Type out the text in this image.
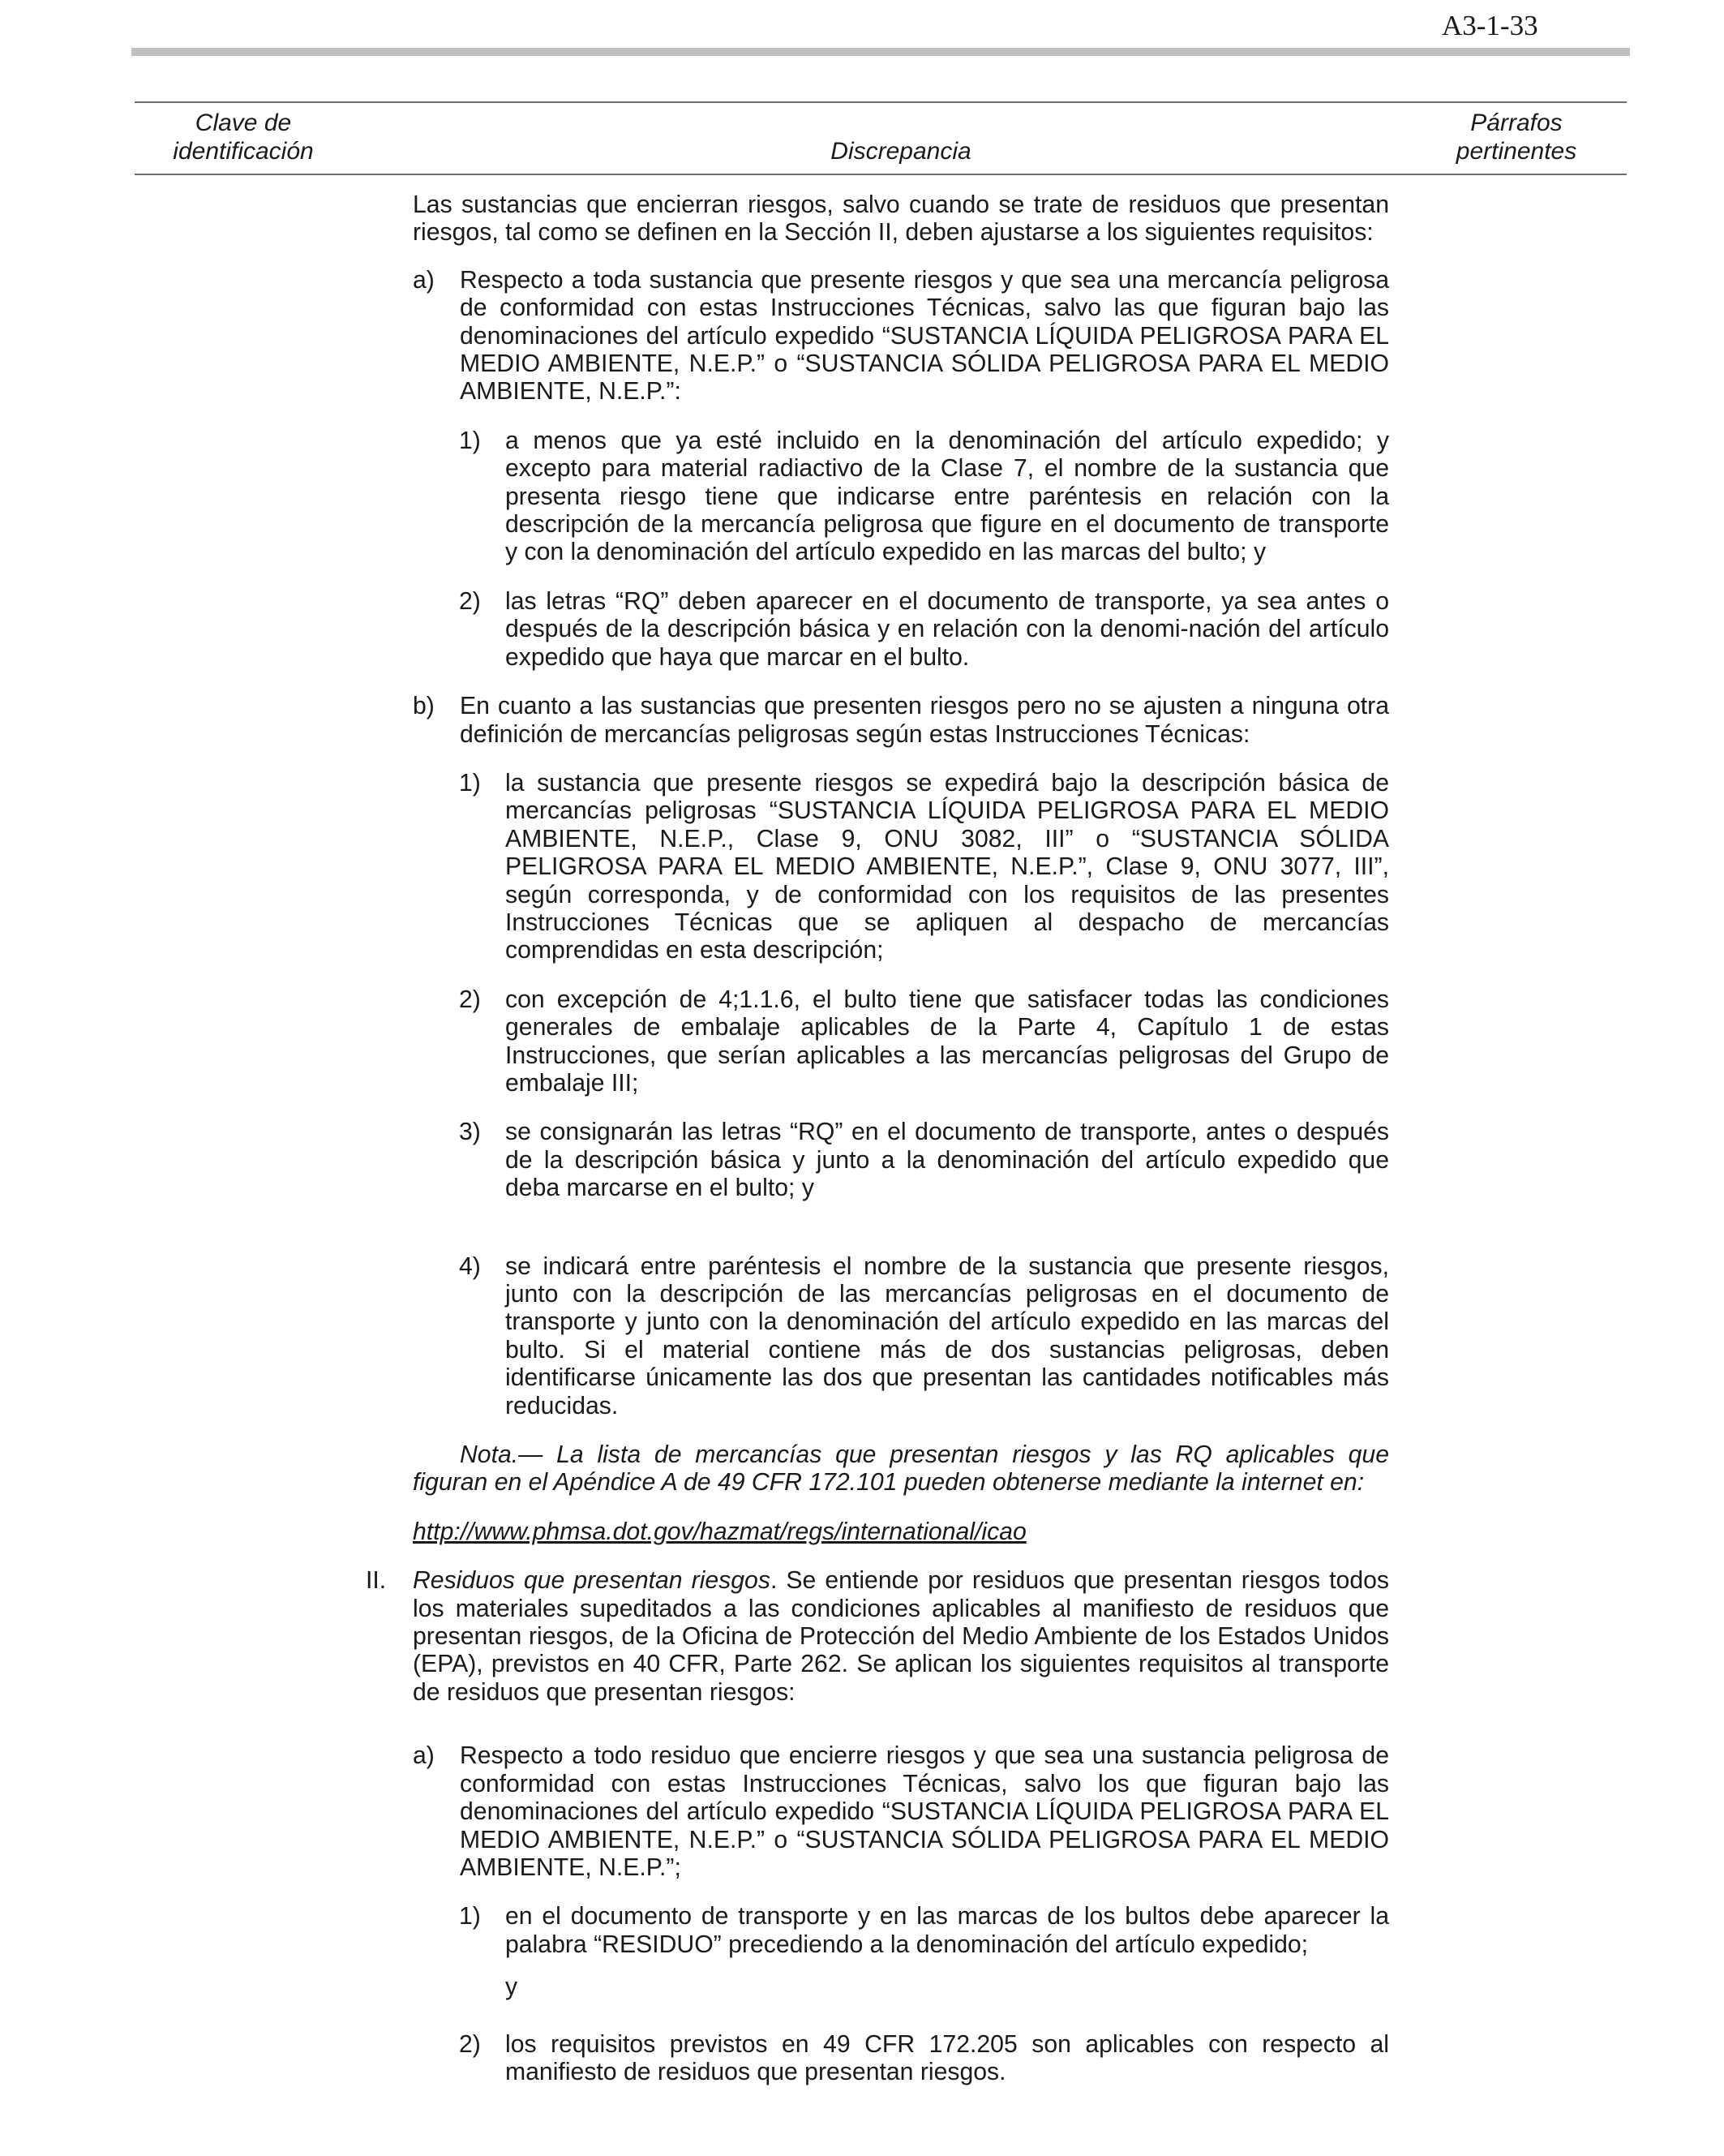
A3-1-33
Clave de
identificación	Discrepancia
Párrafos
pertinentes

Las sustancias que encierran riesgos, salvo cuando se trate de residuos que presentan riesgos, tal como se definen en la Sección II, deben ajustarse a los siguientes requisitos:

a) Respecto a toda sustancia que presente riesgos y que sea una mercancía peligrosa de conformidad con estas Instrucciones Técnicas, salvo las que figuran bajo las denominaciones del artículo expedido “SUSTANCIA LÍQUIDA PELIGROSA PARA EL MEDIO AMBIENTE, N.E.P.” o “SUSTANCIA SÓLIDA PELIGROSA PARA EL MEDIO AMBIENTE, N.E.P.”:
1) a menos que ya esté incluido en la denominación del artículo expedido; y excepto para material radiactivo de la Clase 7, el nombre de la sustancia que presenta riesgo tiene que indicarse entre paréntesis en relación con la descripción de la mercancía peligrosa que figure en el documento de transporte y con la denominación del artículo expedido en las marcas del bulto; y
2) las letras “RQ” deben aparecer en el documento de transporte, ya sea antes o después de la descripción básica y en relación con la denomi-nación del artículo expedido que haya que marcar en el bulto.
b) En cuanto a las sustancias que presenten riesgos pero no se ajusten a ninguna otra definición de mercancías peligrosas según estas Instrucciones Técnicas:
1) la sustancia que presente riesgos se expedirá bajo la descripción básica de mercancías peligrosas “SUSTANCIA LÍQUIDA PELIGROSA PARA EL MEDIO AMBIENTE, N.E.P., Clase 9, ONU 3082, III” o “SUSTANCIA SÓLIDA PELIGROSA PARA EL MEDIO AMBIENTE, N.E.P.”, Clase 9, ONU 3077, III”, según corresponda, y de conformidad con los requisitos de las presentes Instrucciones Técnicas que se apliquen al despacho de mercancías comprendidas en esta descripción;
2) con excepción de 4;1.1.6, el bulto tiene que satisfacer todas las condiciones generales de embalaje aplicables de la Parte 4, Capítulo 1 de estas Instrucciones, que serían aplicables a las mercancías peligrosas del Grupo de embalaje III;
3) se consignarán las letras “RQ” en el documento de transporte, antes o después de la descripción básica y junto a la denominación del artículo expedido que deba marcarse en el bulto; y
4) se indicará entre paréntesis el nombre de la sustancia que presente riesgos, junto con la descripción de las mercancías peligrosas en el documento de transporte y junto con la denominación del artículo expedido en las marcas del bulto. Si el material contiene más de dos sustancias peligrosas, deben identificarse únicamente las dos que presentan las cantidades notificables más reducidas.

Nota.— La lista de mercancías que presentan riesgos y las RQ aplicables que figuran en el Apéndice A de 49 CFR 172.101 pueden obtenerse mediante la internet en:

http://www.phmsa.dot.gov/hazmat/regs/international/icao

II. Residuos que presentan riesgos. Se entiende por residuos que presentan riesgos todos los materiales supeditados a las condiciones aplicables al manifiesto de residuos que presentan riesgos, de la Oficina de Protección del Medio Ambiente de los Estados Unidos (EPA), previstos en 40 CFR, Parte 262. Se aplican los siguientes requisitos al transporte de residuos que presentan riesgos:
a) Respecto a todo residuo que encierre riesgos y que sea una sustancia peligrosa de conformidad con estas Instrucciones Técnicas, salvo los que figuran bajo las denominaciones del artículo expedido “SUSTANCIA LÍQUIDA PELIGROSA PARA EL MEDIO AMBIENTE, N.E.P.” o “SUSTANCIA SÓLIDA PELIGROSA PARA EL MEDIO AMBIENTE, N.E.P.”;
1) en el documento de transporte y en las marcas de los bultos debe aparecer la palabra “RESIDUO” precediendo a la denominación del artículo expedido;
y
2) los requisitos previstos en 49 CFR 172.205 son aplicables con respecto al manifiesto de residuos que presentan riesgos.
